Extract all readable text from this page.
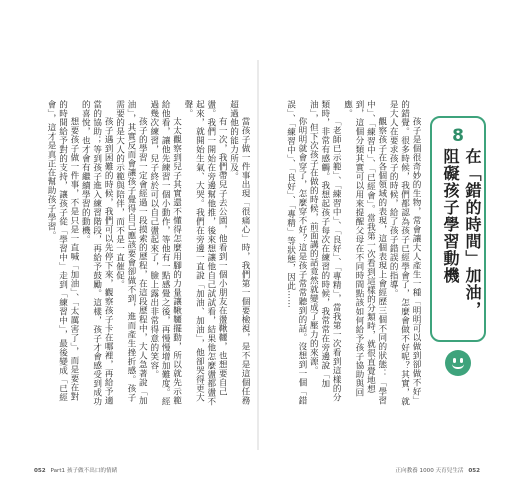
當孩子做一件事出現「很痛心」時，我們第一個要檢視，是不是這個任務超過他的能力所及。

有一次，我們帶兒子去公園，他看到一個小朋友在盪鞦韆，也想要自己盪。我們一開始在旁邊幫他推，後來想讓他自己試試看，結果他怎麼盪都盪不起來，就開始生氣、大哭。我們在旁邊一直說「加油、加油」，他卻哭得更大聲。

太太觀察到兒子其實還不懂得怎麼用腳的力量讓鞦韆擺動，所以就先示範給他看，讓他先練習一個小動作，等他有一點感覺之後，再慢慢增加難度。經過幾次練習，兒子終於可以自己盪起來了，臉上露出非常得意的笑容。

孩子的學習一定會經過一段摸索的歷程，在這段歷程中，大人急著說「加油」，其實反而會讓孩子覺得自己應該要會卻做不到，進而產生挫折感。孩子需要的是大人的示範與陪伴，而不是一直催促。

孩子遇到困難的時候，我們可以先停下來，觀察孩子卡在哪裡，再給予適當的協助；等到孩子進入練習階段，再給予鼓勵。這樣，孩子才會感受到成功的喜悅，也才會有繼續學習的動機。

想要孩子做一件事，不是只是一直喊「加油」、「太厲害了」，而是要在對的時間給予對的支持，讓孩子從「學習中」走到「練習中」，最後變成「已經會」，這才是真正在幫助孩子學習。	孩子是個很奇妙的生物，常會讓大人產生一種「明明可以做到卻做不好」的錯覺。很多時候，我們都認為孩子已經學會了，怎麼會做不好呢？其實，就是大人在要求孩子的時候，給了孩子錯誤的指導。

觀察孩子在各個領域的表現，這個表現上會經歷三個不同的狀態：「學習中」、「練習中」、「已經會」。當我第一次看到這樣的分類時，就很直覺地想到，這個分類其實可以用來提醒父母在不同時間點該如何給予孩子協助與回應。

「老師已示範」、「練習中」、「良好」、「專精」，當我第一次看到這樣的分類時，非常有感觸。我想起孩子每次在練習的時候，我常常在旁邊說「加油」，但下次孩子在做的時候，前面講的話竟然就變成了壓力的來源。

你明明就會穿了，怎麼穿不好？這是孩子常常聽到的話。沒想到一個「錯誤」、「練習中」、「良好」、「專精」等狀態，因此……	8
在「錯的時間」加油，
阻礙孩子學習動機
052 Part1 孩子做不出口的情緒	正向教養 1000 天育兒生活 052
